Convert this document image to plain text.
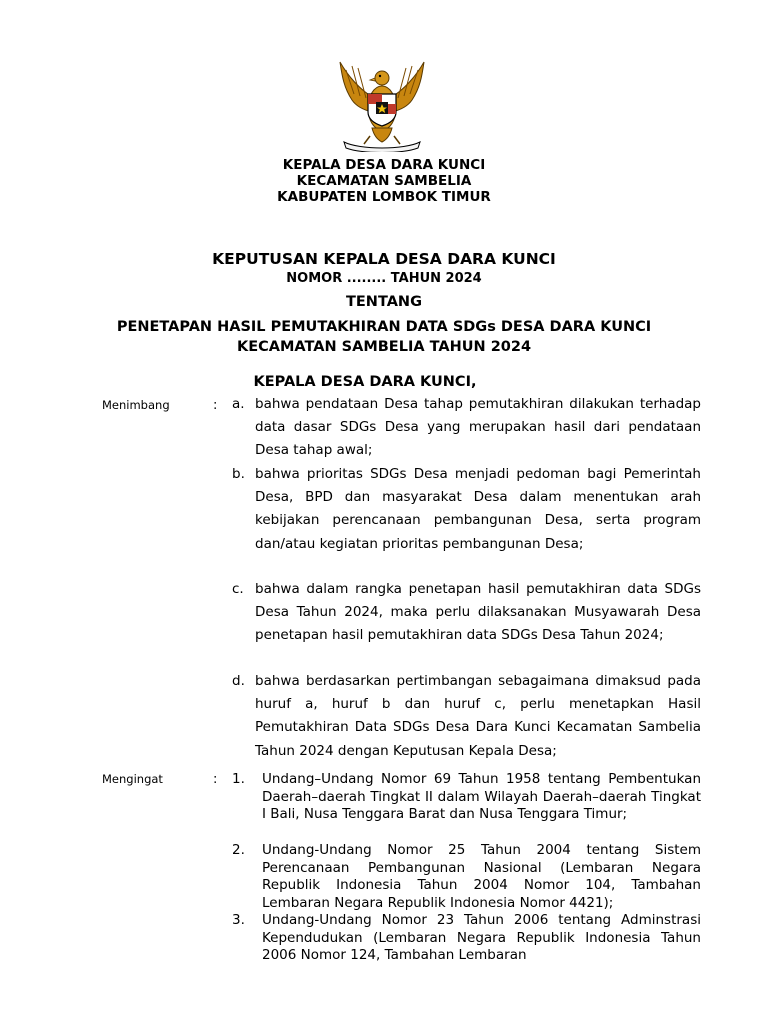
KEPALA DESA DARA KUNCI
KECAMATAN SAMBELIA
KABUPATEN LOMBOK TIMUR
KEPUTUSAN KEPALA DESA DARA KUNCI
NOMOR ........ TAHUN 2024
TENTANG
PENETAPAN HASIL PEMUTAKHIRAN DATA SDGs DESA DARA KUNCI
KECAMATAN SAMBELIA TAHUN 2024
KEPALA DESA DARA KUNCI,
Menimbang	: a. bahwa pendataan Desa tahap pemutakhiran dilakukan terhadap data dasar SDGs Desa yang merupakan hasil dari pendataan Desa tahap awal;
b. bahwa prioritas SDGs Desa menjadi pedoman bagi Pemerintah Desa, BPD dan masyarakat Desa dalam menentukan arah kebijakan perencanaan pembangunan Desa, serta program dan/atau kegiatan prioritas pembangunan Desa;
c. bahwa dalam rangka penetapan hasil pemutakhiran data SDGs Desa Tahun 2024, maka perlu dilaksanakan Musyawarah Desa penetapan hasil pemutakhiran data SDGs Desa Tahun 2024;
d. bahwa berdasarkan pertimbangan sebagaimana dimaksud pada huruf a, huruf b dan huruf c, perlu menetapkan Hasil Pemutakhiran Data SDGs Desa Dara Kunci Kecamatan Sambelia Tahun 2024 dengan Keputusan Kepala Desa;
Mengingat	: 1. Undang–Undang Nomor 69 Tahun 1958 tentang Pembentukan Daerah–daerah Tingkat II dalam Wilayah Daerah–daerah Tingkat I Bali, Nusa Tenggara Barat dan Nusa Tenggara Timur;
2. Undang-Undang Nomor 25 Tahun 2004 tentang Sistem Perencanaan Pembangunan Nasional (Lembaran Negara Republik Indonesia Tahun 2004 Nomor 104, Tambahan Lembaran Negara Republik Indonesia Nomor 4421);
3. Undang-Undang Nomor 23 Tahun 2006 tentang Adminstrasi Kependudukan (Lembaran Negara Republik Indonesia Tahun 2006 Nomor 124, Tambahan Lembaran
